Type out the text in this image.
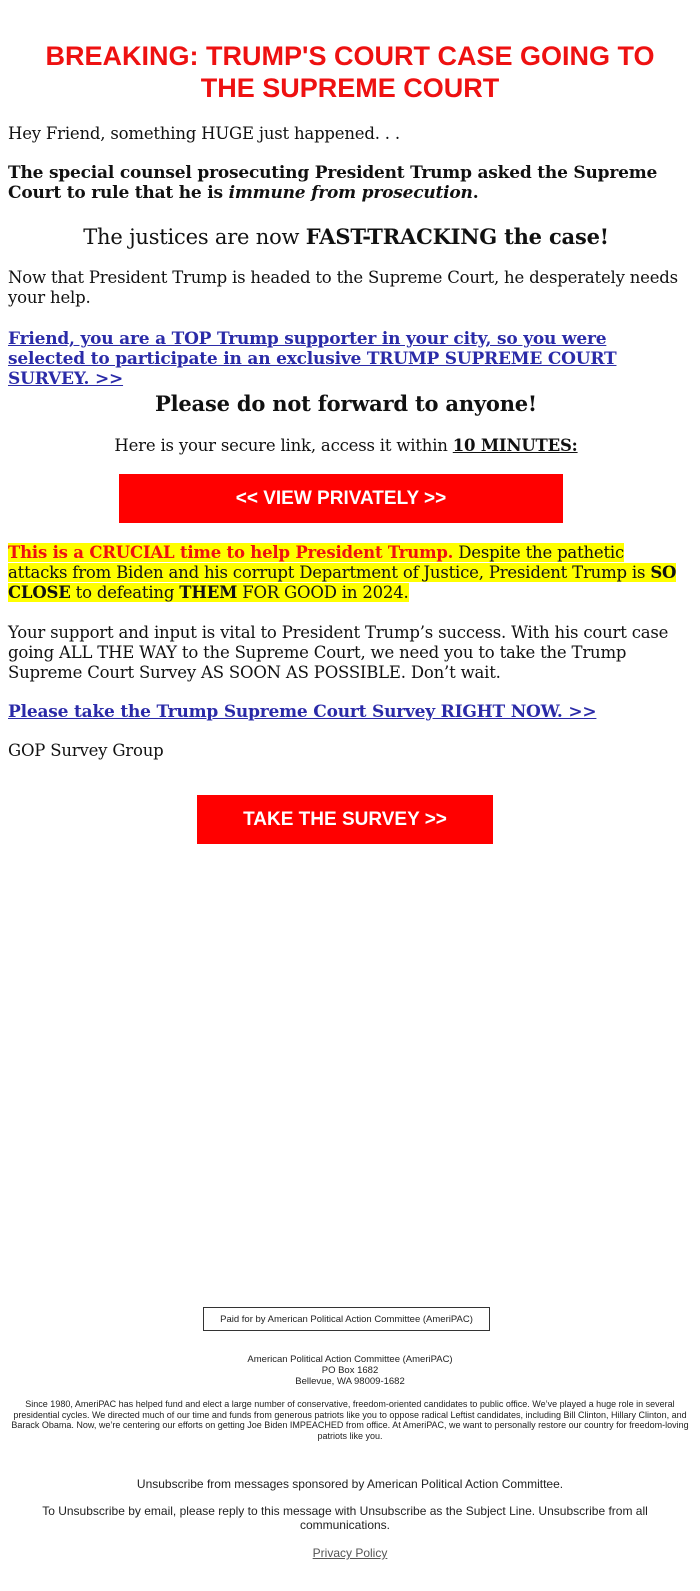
BREAKING: TRUMP'S COURT CASE GOING TO
THE SUPREME COURT
Hey Friend, something HUGE just happened. . .
The special counsel prosecuting President Trump asked the Supreme Court to rule that he is immune from prosecution.
The justices are now FAST-TRACKING the case!
Now that President Trump is headed to the Supreme Court, he desperately needs your help.
Friend, you are a TOP Trump supporter in your city, so you were selected to participate in an exclusive TRUMP SUPREME COURT SURVEY. >>
Please do not forward to anyone!
Here is your secure link, access it within 10 MINUTES:
<< VIEW PRIVATELY >>
This is a CRUCIAL time to help President Trump. Despite the pathetic attacks from Biden and his corrupt Department of Justice, President Trump is SO CLOSE to defeating THEM FOR GOOD in 2024.
Your support and input is vital to President Trump’s success. With his court case going ALL THE WAY to the Supreme Court, we need you to take the Trump Supreme Court Survey AS SOON AS POSSIBLE. Don’t wait.
Please take the Trump Supreme Court Survey RIGHT NOW. >>
GOP Survey Group
TAKE THE SURVEY >>
Paid for by American Political Action Committee (AmeriPAC)
American Political Action Committee (AmeriPAC)
PO Box 1682
Bellevue, WA 98009-1682
Since 1980, AmeriPAC has helped fund and elect a large number of conservative, freedom-oriented candidates to public office. We’ve played a huge role in several presidential cycles. We directed much of our time and funds from generous patriots like you to oppose radical Leftist candidates, including Bill Clinton, Hillary Clinton, and Barack Obama. Now, we’re centering our efforts on getting Joe Biden IMPEACHED from office. At AmeriPAC, we want to personally restore our country for freedom-loving patriots like you.
Unsubscribe from messages sponsored by American Political Action Committee.
To Unsubscribe by email, please reply to this message with Unsubscribe as the Subject Line. Unsubscribe from all communications.
Privacy Policy
